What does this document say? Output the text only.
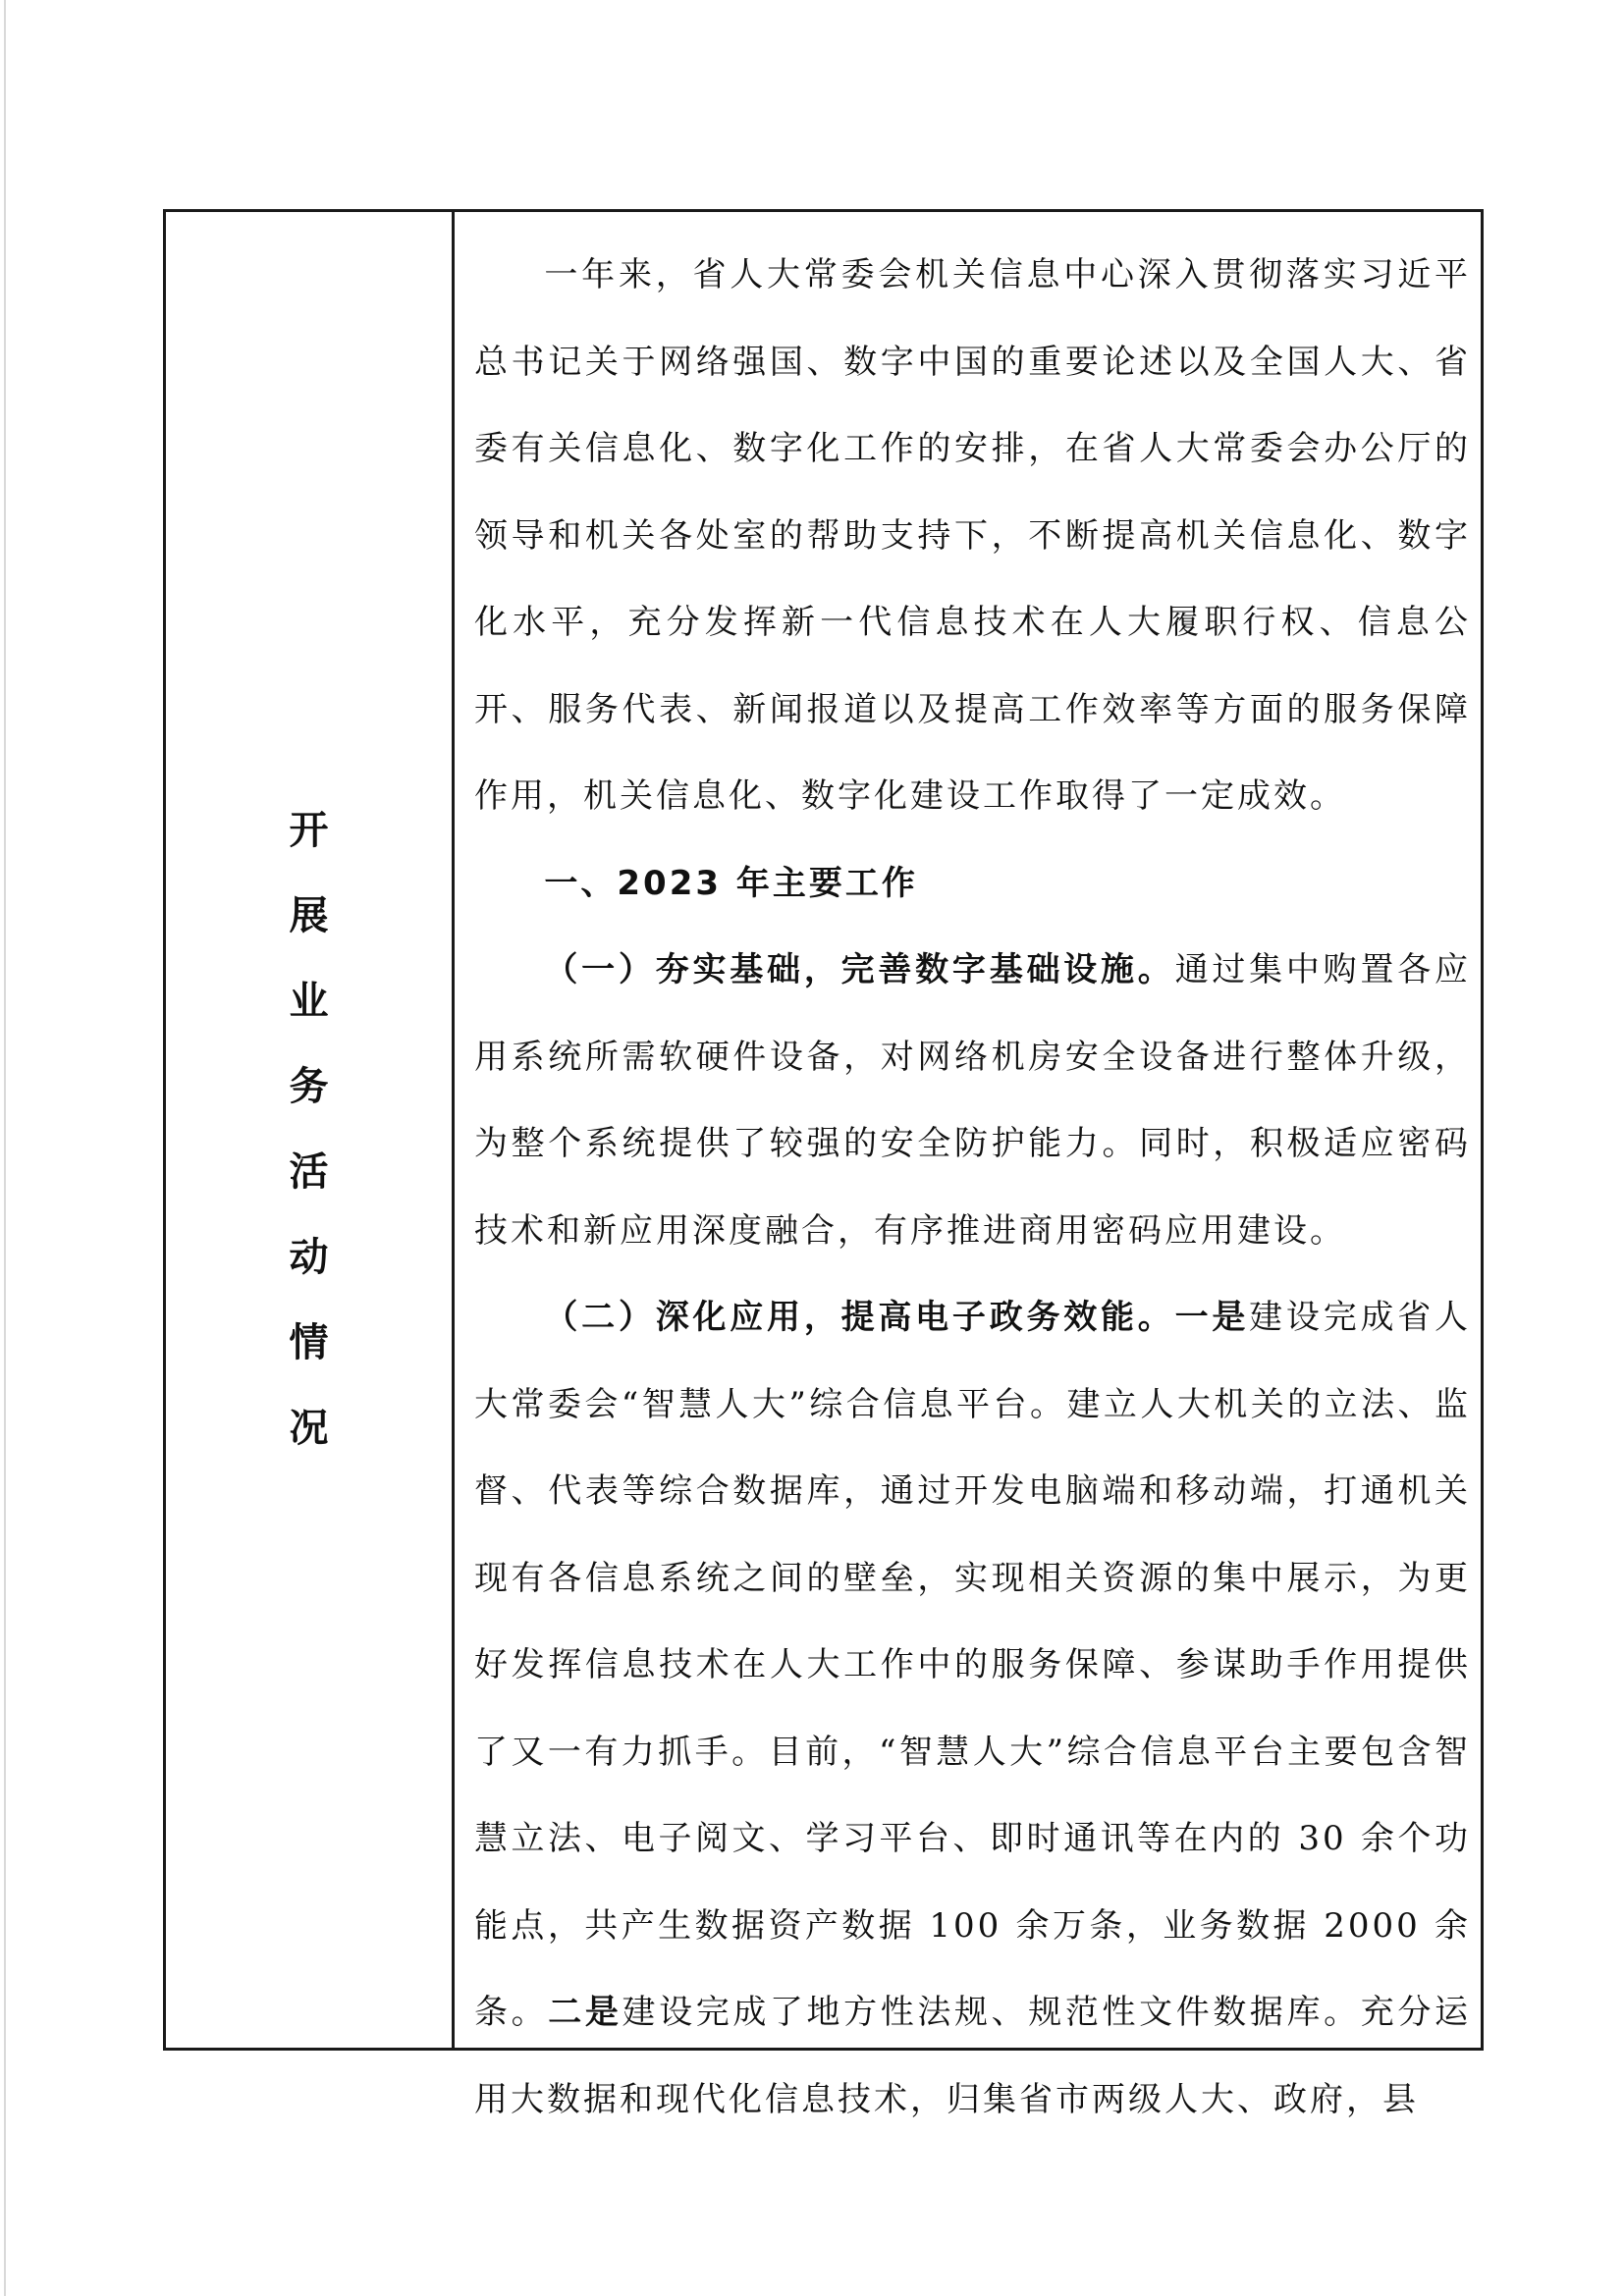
开
展
业
务
活
动
情
况

一年来，省人大常委会机关信息中心深入贯彻落实习近平总书记关于网络强国、数字中国的重要论述以及全国人大、省委有关信息化、数字化工作的安排，在省人大常委会办公厅的领导和机关各处室的帮助支持下，不断提高机关信息化、数字化水平，充分发挥新一代信息技术在人大履职行权、信息公开、服务代表、新闻报道以及提高工作效率等方面的服务保障作用，机关信息化、数字化建设工作取得了一定成效。

一、2023 年主要工作

（一）夯实基础，完善数字基础设施。通过集中购置各应用系统所需软硬件设备，对网络机房安全设备进行整体升级，为整个系统提供了较强的安全防护能力。同时，积极适应密码技术和新应用深度融合，有序推进商用密码应用建设。

（二）深化应用，提高电子政务效能。一是建设完成省人大常委会“智慧人大”综合信息平台。建立人大机关的立法、监督、代表等综合数据库，通过开发电脑端和移动端，打通机关现有各信息系统之间的壁垒，实现相关资源的集中展示，为更好发挥信息技术在人大工作中的服务保障、参谋助手作用提供了又一有力抓手。目前，“智慧人大”综合信息平台主要包含智慧立法、电子阅文、学习平台、即时通讯等在内的 30 余个功能点，共产生数据资产数据 100 余万条，业务数据 2000 余条。二是建设完成了地方性法规、规范性文件数据库。充分运用大数据和现代化信息技术，归集省市两级人大、政府，县
